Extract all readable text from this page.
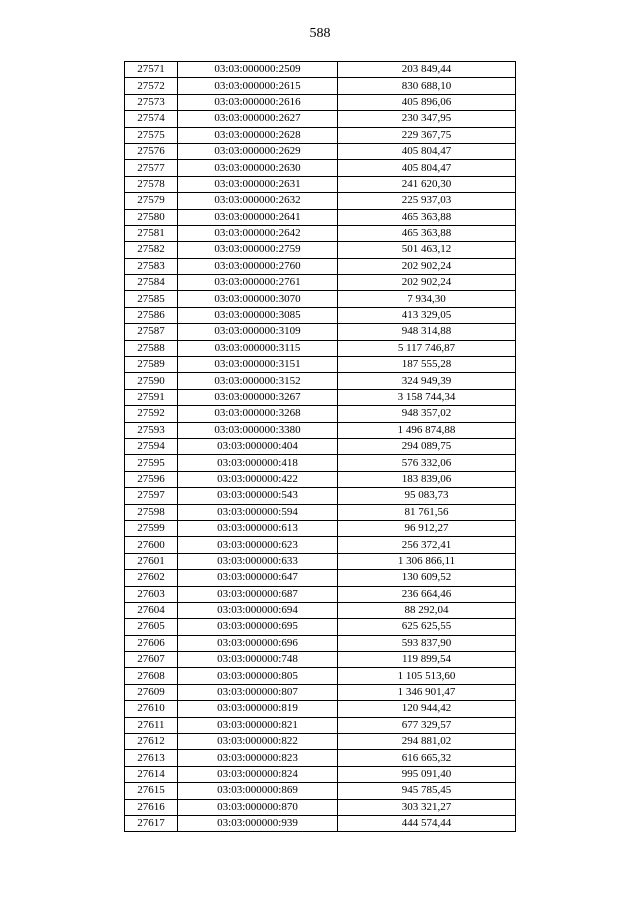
588
27571	03:03:000000:2509	203 849,44
27572	03:03:000000:2615	830 688,10
27573	03:03:000000:2616	405 896,06
27574	03:03:000000:2627	230 347,95
27575	03:03:000000:2628	229 367,75
27576	03:03:000000:2629	405 804,47
27577	03:03:000000:2630	405 804,47
27578	03:03:000000:2631	241 620,30
27579	03:03:000000:2632	225 937,03
27580	03:03:000000:2641	465 363,88
27581	03:03:000000:2642	465 363,88
27582	03:03:000000:2759	501 463,12
27583	03:03:000000:2760	202 902,24
27584	03:03:000000:2761	202 902,24
27585	03:03:000000:3070	7 934,30
27586	03:03:000000:3085	413 329,05
27587	03:03:000000:3109	948 314,88
27588	03:03:000000:3115	5 117 746,87
27589	03:03:000000:3151	187 555,28
27590	03:03:000000:3152	324 949,39
27591	03:03:000000:3267	3 158 744,34
27592	03:03:000000:3268	948 357,02
27593	03:03:000000:3380	1 496 874,88
27594	03:03:000000:404	294 089,75
27595	03:03:000000:418	576 332,06
27596	03:03:000000:422	183 839,06
27597	03:03:000000:543	95 083,73
27598	03:03:000000:594	81 761,56
27599	03:03:000000:613	96 912,27
27600	03:03:000000:623	256 372,41
27601	03:03:000000:633	1 306 866,11
27602	03:03:000000:647	130 609,52
27603	03:03:000000:687	236 664,46
27604	03:03:000000:694	88 292,04
27605	03:03:000000:695	625 625,55
27606	03:03:000000:696	593 837,90
27607	03:03:000000:748	119 899,54
27608	03:03:000000:805	1 105 513,60
27609	03:03:000000:807	1 346 901,47
27610	03:03:000000:819	120 944,42
27611	03:03:000000:821	677 329,57
27612	03:03:000000:822	294 881,02
27613	03:03:000000:823	616 665,32
27614	03:03:000000:824	995 091,40
27615	03:03:000000:869	945 785,45
27616	03:03:000000:870	303 321,27
27617	03:03:000000:939	444 574,44
